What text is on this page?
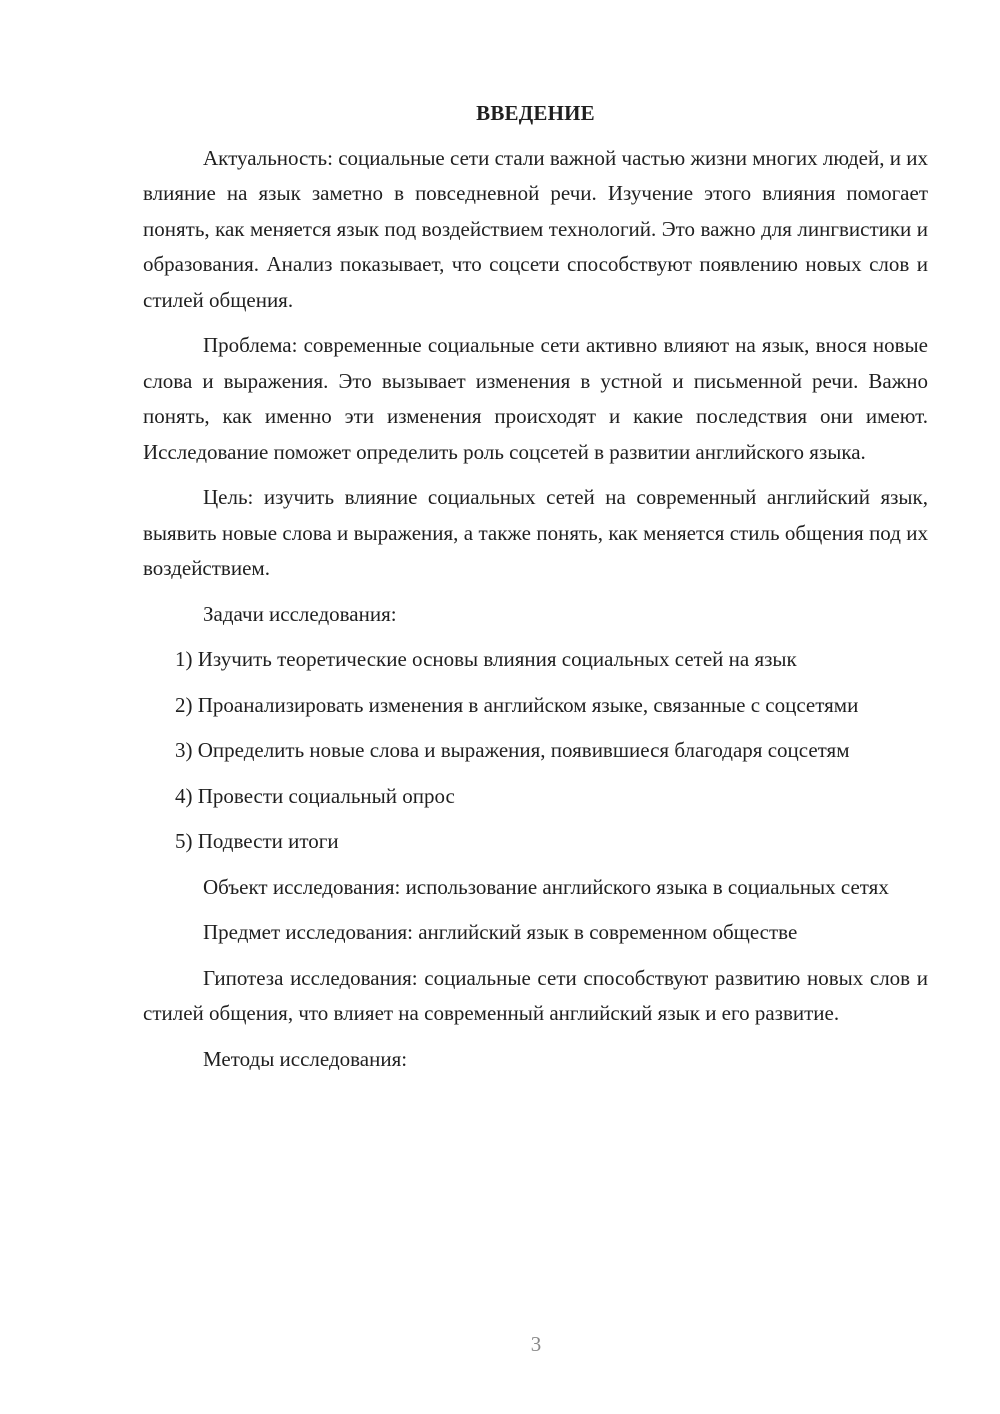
ВВЕДЕНИЕ

Актуальность: социальные сети стали важной частью жизни многих людей, и их влияние на язык заметно в повседневной речи. Изучение этого влияния помогает понять, как меняется язык под воздействием технологий. Это важно для лингвистики и образования. Анализ показывает, что соцсети способствуют появлению новых слов и стилей общения.

Проблема: современные социальные сети активно влияют на язык, внося новые слова и выражения. Это вызывает изменения в устной и письменной речи. Важно понять, как именно эти изменения происходят и какие последствия они имеют. Исследование поможет определить роль соцсетей в развитии английского языка.

Цель: изучить влияние социальных сетей на современный английский язык, выявить новые слова и выражения, а также понять, как меняется стиль общения под их воздействием.

Задачи исследования:

1) Изучить теоретические основы влияния социальных сетей на язык

2) Проанализировать изменения в английском языке, связанные с соцсетями

3) Определить новые слова и выражения, появившиеся благодаря соцсетям

4) Провести социальный опрос

5) Подвести итоги

Объект исследования: использование английского языка в социальных сетях

Предмет исследования: английский язык в современном обществе

Гипотеза исследования: социальные сети способствуют развитию новых слов и стилей общения, что влияет на современный английский язык и его развитие.

Методы исследования:

3
